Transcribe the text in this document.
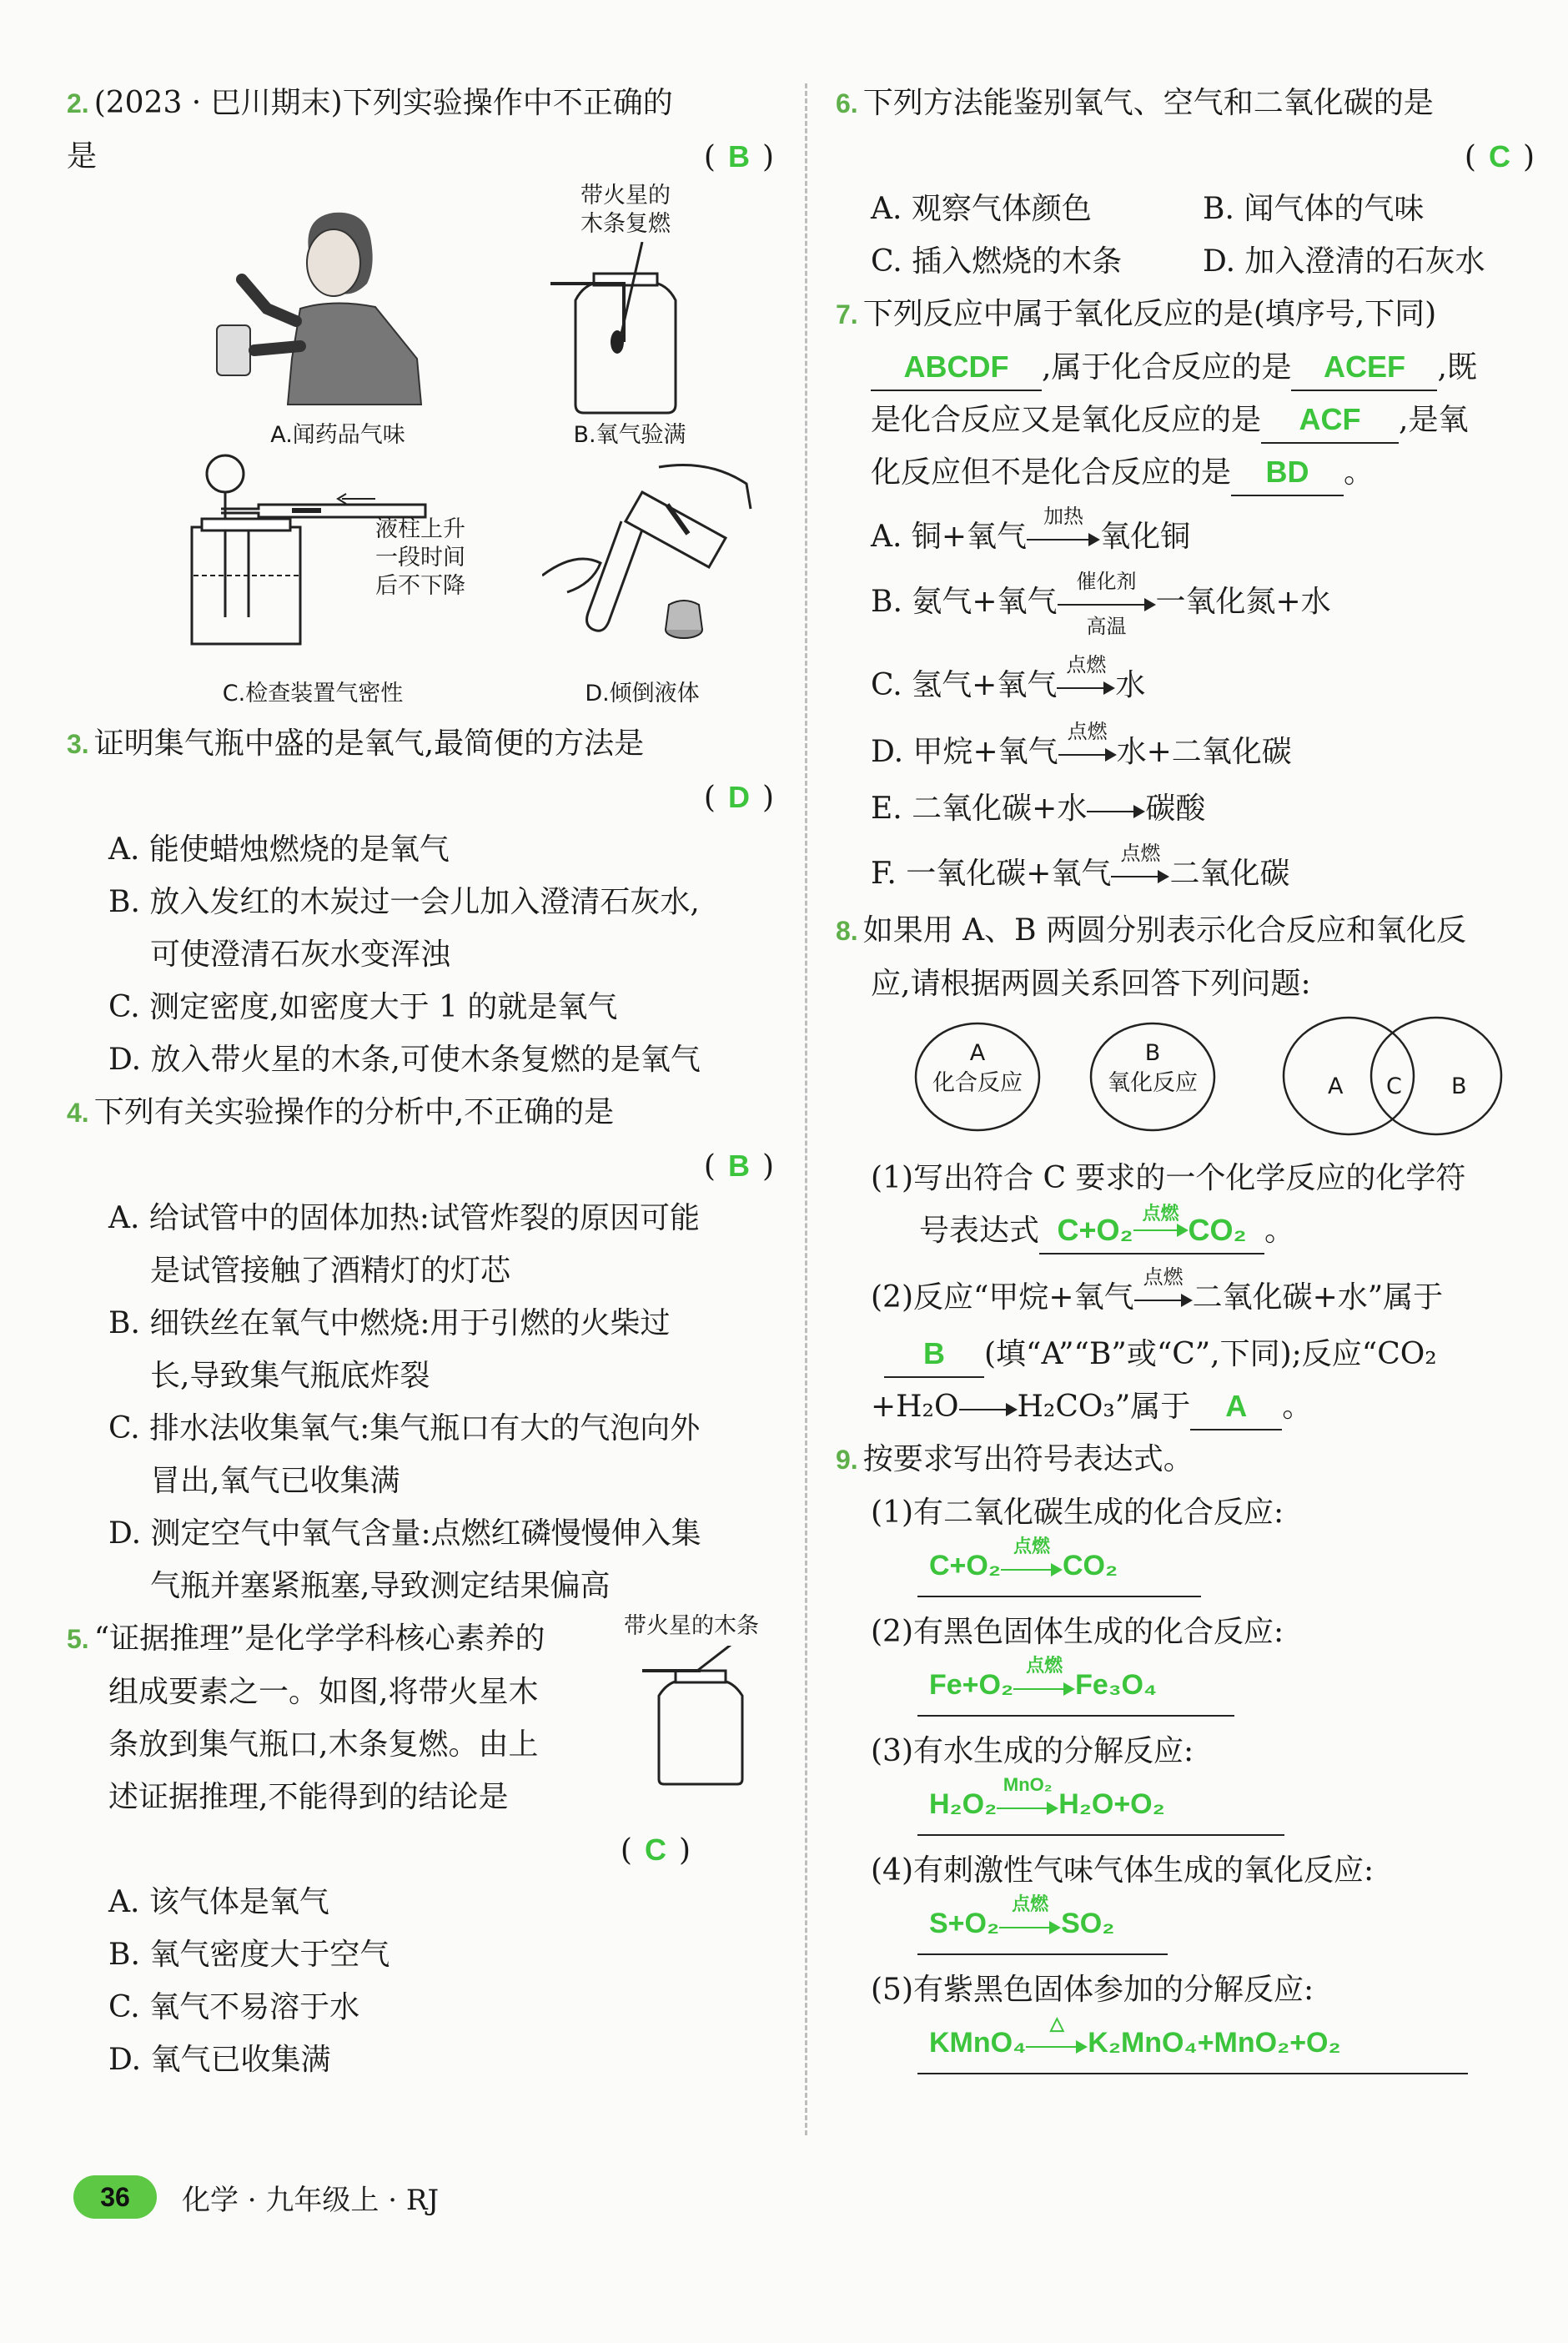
2. (2023 · 巴川期末)下列实验操作中不正确的
是	( B )
A.闻药品气味
带火星的
木条复燃
B.氧气验满
液柱上升
一段时间
后不下降
C.检查装置气密性	D.倾倒液体
3. 证明集气瓶中盛的是氧气,最简便的方法是
( D )
A. 能使蜡烛燃烧的是氧气
B. 放入发红的木炭过一会儿加入澄清石灰水,
可使澄清石灰水变浑浊
C. 测定密度,如密度大于 1 的就是氧气
D. 放入带火星的木条,可使木条复燃的是氧气
4. 下列有关实验操作的分析中,不正确的是
( B )
A. 给试管中的固体加热:试管炸裂的原因可能
是试管接触了酒精灯的灯芯
B. 细铁丝在氧气中燃烧:用于引燃的火柴过
长,导致集气瓶底炸裂
C. 排水法收集氧气:集气瓶口有大的气泡向外
冒出,氧气已收集满
D. 测定空气中氧气含量:点燃红磷慢慢伸入集
气瓶并塞紧瓶塞,导致测定结果偏高
5. “证据推理”是化学学科核心素养的
组成要素之一。如图,将带火星木
条放到集气瓶口,木条复燃。由上
述证据推理,不能得到的结论是
带火星的木条
( C )
A. 该气体是氧气
B. 氧气密度大于空气
C. 氧气不易溶于水
D. 氧气已收集满
6. 下列方法能鉴别氧气、空气和二氧化碳的是
( C )
A. 观察气体颜色	B. 闻气体的气味
C. 插入燃烧的木条	D. 加入澄清的石灰水
7. 下列反应中属于氧化反应的是(填序号,下同)
ABCDF ,属于化合反应的是 ACEF ,既
是化合反应又是氧化反应的是 ACF ,是氧
化反应但不是化合反应的是 BD 。
A. 铜+氧气
加热
氧化铜
B. 氨气+氧气
催化剂
高温
一氧化氮+水
C. 氢气+氧气
点燃
水
D. 甲烷+氧气
点燃
水+二氧化碳
E. 二氧化碳+水 碳酸
F. 一氧化碳+氧气
点燃
二氧化碳
8. 如果用 A、B 两圆分别表示化合反应和氧化反
应,请根据两圆关系回答下列问题:
A
化合反应
B
氧化反应	A C B
(1)写出符合 C 要求的一个化学反应的化学符
号表达式 C+O₂ 点燃 CO₂ 。
(2)反应“甲烷+氧气
点燃
二氧化碳+水”属于
B (填“A”“B”或“C”,下同);反应“CO₂
+H₂O H₂CO₃”属于 A 。
9. 按要求写出符号表达式。
(1)有二氧化碳生成的化合反应:
C+O₂
点燃
CO₂
(2)有黑色固体生成的化合反应:
Fe+O₂
点燃
Fe₃O₄
(3)有水生成的分解反应:
H₂O₂
MnO₂
H₂O+O₂
(4)有刺激性气味气体生成的氧化反应:
S+O₂
点燃
SO₂
(5)有紫黑色固体参加的分解反应:
KMnO₄
△
K₂MnO₄+MnO₂+O₂
36	化学 · 九年级上 · RJ
